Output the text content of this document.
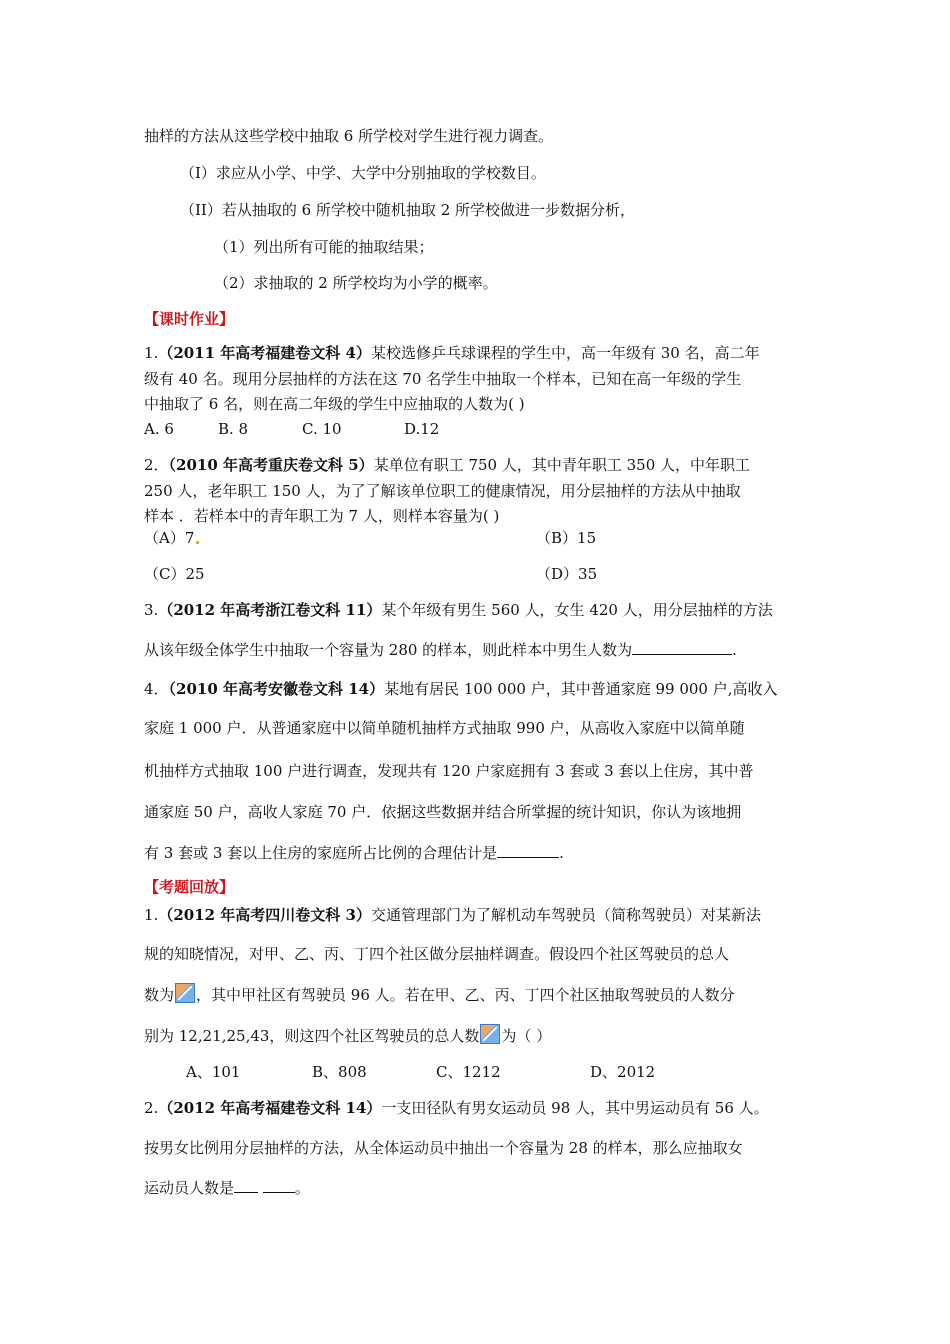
抽样的方法从这些学校中抽取 6 所学校对学生进行视力调查。
（I）求应从小学、中学、大学中分别抽取的学校数目。
（II）若从抽取的 6 所学校中随机抽取 2 所学校做进一步数据分析，
（1）列出所有可能的抽取结果；
（2）求抽取的 2 所学校均为小学的概率。
【课时作业】
1.（2011 年高考福建卷文科 4）某校选修乒乓球课程的学生中，高一年级有 30 名，高二年
级有 40 名。现用分层抽样的方法在这 70 名学生中抽取一个样本，已知在高一年级的学生
中抽取了 6 名，则在高二年级的学生中应抽取的人数为( )
A. 6	B. 8	C. 10	D.12
2．（2010 年高考重庆卷文科 5）某单位有职工 750 人，其中青年职工 350 人，中年职工
250 人，老年职工 150 人，为了了解该单位职工的健康情况，用分层抽样的方法从中抽取
样本 ．若样本中的青年职工为 7 人，则样本容量为( )
（A）7	（B）15
（C）25	（D）35
3.（2012 年高考浙江卷文科 11）某个年级有男生 560 人，女生 420 人，用分层抽样的方法
从该年级全体学生中抽取一个容量为 280 的样本，则此样本中男生人数为	.
4．（2010 年高考安徽卷文科 14）某地有居民 100 000 户，其中普通家庭 99 000 户,高收入
家庭 1 000 户．从普通家庭中以简单随机抽样方式抽取 990 户，从高收入家庭中以简单随
机抽样方式抽取 100 户进行调查，发现共有 120 户家庭拥有 3 套或 3 套以上住房，其中普
通家庭 50 户，高收人家庭 70 户．依据这些数据并结合所掌握的统计知识，你认为该地拥
有 3 套或 3 套以上住房的家庭所占比例的合理估计是	.
【考题回放】
1.（2012 年高考四川卷文科 3）交通管理部门为了解机动车驾驶员（简称驾驶员）对某新法
规的知晓情况，对甲、乙、丙、丁四个社区做分层抽样调查。假设四个社区驾驶员的总人
数为 ，其中甲社区有驾驶员 96 人。若在甲、乙、丙、丁四个社区抽取驾驶员的人数分
别为 12,21,25,43，则这四个社区驾驶员的总人数 为（ ）
A、101	B、808	C、1212	D、2012
2.（2012 年高考福建卷文科 14）一支田径队有男女运动员 98 人，其中男运动员有 56 人。
按男女比例用分层抽样的方法，从全体运动员中抽出一个容量为 28 的样本，那么应抽取女
运动员人数是	。
